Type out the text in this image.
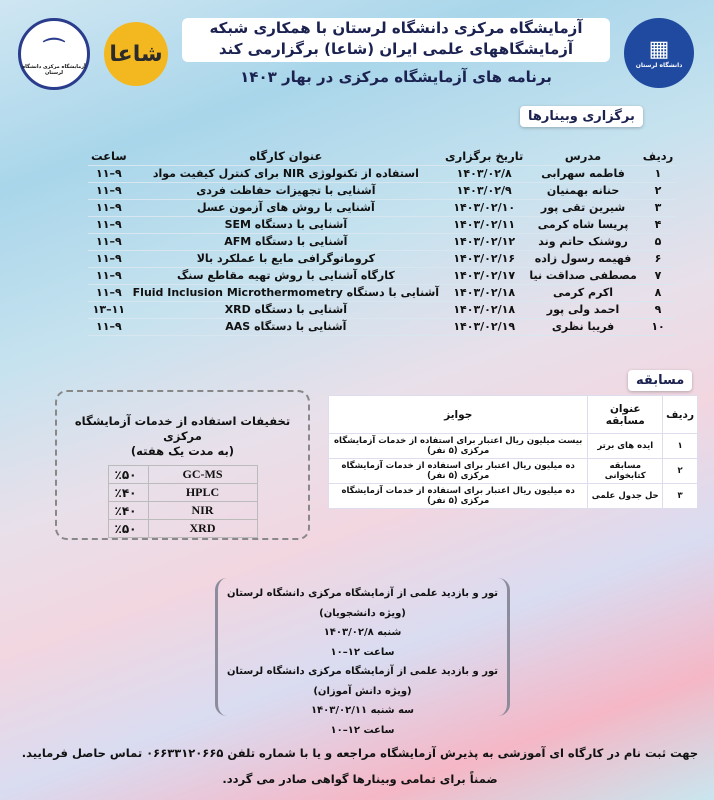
⌒
آزمایشگاه مرکزی دانشگاه لرستان
شاعا	▦
دانشگاه لرستان
آزمایشگاه مرکزی دانشگاه لرستان با همکاری شبکه
آزمایشگاههای علمی ایران (شاعا) برگزارمی کند
برنامه های آزمایشگاه مرکزی در بهار ۱۴۰۳
برگزاری وبینارها
ردیف	مدرس	تاریخ برگزاری	عنوان کارگاه	ساعت
۱	فاطمه سهرابی	۱۴۰۳/۰۲/۸	استفاده از تکنولوژی NIR برای کنترل کیفیت مواد	۹–۱۱
۲	حنانه بهمنیان	۱۴۰۳/۰۲/۹	آشنایی با تجهیزات حفاظت فردی	۹–۱۱
۳	شیرین تقی پور	۱۴۰۳/۰۲/۱۰	آشنایی با روش های آزمون عسل	۹–۱۱
۴	پریسا شاه کرمی	۱۴۰۳/۰۲/۱۱	آشنایی با دستگاه SEM	۹–۱۱
۵	روشنک حاتم وند	۱۴۰۳/۰۲/۱۲	آشنایی با دستگاه AFM	۹–۱۱
۶	فهیمه رسول زاده	۱۴۰۳/۰۲/۱۶	کروماتوگرافی مایع با عملکرد بالا	۹–۱۱
۷	مصطفی صداقت نیا	۱۴۰۳/۰۲/۱۷	کارگاه آشنایی با روش تهیه مقاطع سنگ	۹–۱۱
۸	اکرم کرمی	۱۴۰۳/۰۲/۱۸	آشنایی با دستگاه Fluid Inclusion Microthermometry	۹–۱۱
۹	احمد ولی پور	۱۴۰۳/۰۲/۱۸	آشنایی با دستگاه XRD	۱۱–۱۳
۱۰	فریبا نظری	۱۴۰۳/۰۲/۱۹	آشنایی با دستگاه AAS	۹–۱۱
مسابقه
ردیف	عنوان مسابقه	جوایز
۱	ایده های برتر	بیست میلیون ریال اعتبار برای استفاده از خدمات آزمایشگاه مرکزی (۵ نفر)
۲	مسابقه کتابخوانی	ده میلیون ریال اعتبار برای استفاده از خدمات آزمایشگاه مرکزی (۵ نفر)
۳	حل جدول علمی	ده میلیون ریال اعتبار برای استفاده از خدمات آزمایشگاه مرکزی (۵ نفر)
تخفیفات استفاده از خدمات آزمایشگاه مرکزی
(به مدت یک هفته)
٪۵۰	GC-MS
٪۴۰	HPLC
٪۴۰	NIR
٪۵۰	XRD
تور و بازدید علمی از آزمایشگاه مرکزی دانشگاه لرستان (ویژه دانشجویان)
شنبه ۱۴۰۳/۰۲/۸
ساعت ۱۲–۱۰
تور و بازدید علمی از آزمایشگاه مرکزی دانشگاه لرستان (ویژه دانش آموزان)
سه شنبه ۱۴۰۳/۰۲/۱۱
ساعت ۱۲–۱۰
جهت ثبت نام در کارگاه ای آموزشی به پذیرش آزمایشگاه مراجعه و یا با شماره تلفن ۰۶۶۳۳۱۲۰۶۶۵ تماس حاصل فرمایید.
ضمناً برای تمامی وبینارها گواهی صادر می گردد.
